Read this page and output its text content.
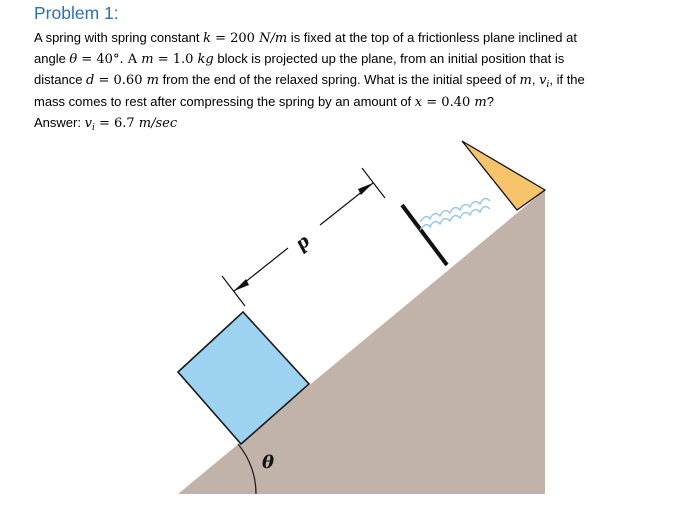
Problem 1:
A spring with spring constant k = 200 N/m is fixed at the top of a frictionless plane inclined at
angle θ = 40°. A m = 1.0 kg block is projected up the plane, from an initial position that is
distance d = 0.60 m from the end of the relaxed spring. What is the initial speed of m, $v_i$, if the
mass comes to rest after compressing the spring by an amount of x = 0.40 m?
Answer: $v_i = 6.7$ m/sec
θ
d
